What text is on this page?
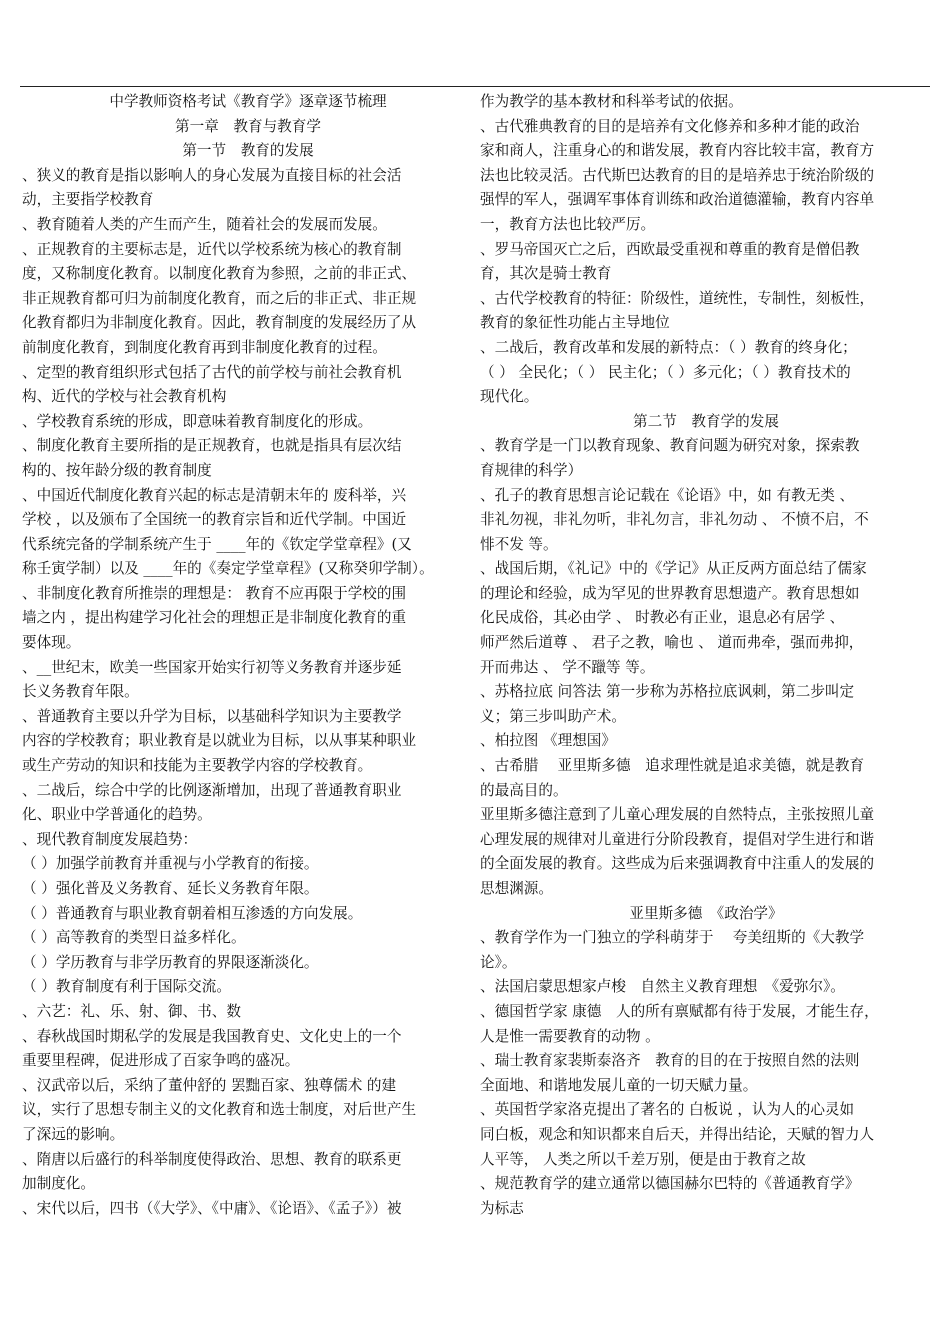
中学教师资格考试《教育学》逐章逐节梳理
第一章　教育与教育学
第一节　教育的发展
、狭义的教育是指以影响人的身心发展为直接目标的社会活
动，主要指学校教育
、教育随着人类的产生而产生，随着社会的发展而发展。
、正规教育的主要标志是，近代以学校系统为核心的教育制
度，又称制度化教育。以制度化教育为参照，之前的非正式、
非正规教育都可归为前制度化教育，而之后的非正式、非正规
化教育都归为非制度化教育。因此，教育制度的发展经历了从
前制度化教育，到制度化教育再到非制度化教育的过程。
、定型的教育组织形式包括了古代的前学校与前社会教育机
构、近代的学校与社会教育机构
、学校教育系统的形成，即意味着教育制度化的形成。
、制度化教育主要所指的是正规教育，也就是指具有层次结
构的、按年龄分级的教育制度
、中国近代制度化教育兴起的标志是清朝末年的 废科举，兴
学校 ，以及颁布了全国统一的教育宗旨和近代学制。中国近
代系统完备的学制系统产生于 ____年的《钦定学堂章程》(又
称壬寅学制）以及 ____年的《奏定学堂章程》(又称癸卯学制）。
、非制度化教育所推崇的理想是： 教育不应再限于学校的围
墙之内 ，提出构建学习化社会的理想正是非制度化教育的重
要体现。
、__世纪末，欧美一些国家开始实行初等义务教育并逐步延
长义务教育年限。
、普通教育主要以升学为目标，以基础科学知识为主要教学
内容的学校教育；职业教育是以就业为目标，以从事某种职业
或生产劳动的知识和技能为主要教学内容的学校教育。
、二战后，综合中学的比例逐渐增加，出现了普通教育职业
化、职业中学普通化的趋势。
、现代教育制度发展趋势：
（ ）加强学前教育并重视与小学教育的衔接。
（ ）强化普及义务教育、延长义务教育年限。
（ ）普通教育与职业教育朝着相互渗透的方向发展。
（ ）高等教育的类型日益多样化。
（ ）学历教育与非学历教育的界限逐渐淡化。
（ ）教育制度有利于国际交流。
、六艺：礼、乐、射、御、书、数
、春秋战国时期私学的发展是我国教育史、文化史上的一个
重要里程碑，促进形成了百家争鸣的盛况。
、汉武帝以后，采纳了董仲舒的 罢黜百家、独尊儒术 的建
议，实行了思想专制主义的文化教育和选士制度，对后世产生
了深远的影响。
、隋唐以后盛行的科举制度使得政治、思想、教育的联系更
加制度化。
、宋代以后，四书（《大学》、《中庸》、《论语》、《孟子》）被
作为教学的基本教材和科举考试的依据。
、古代雅典教育的目的是培养有文化修养和多种才能的政治
家和商人，注重身心的和谐发展，教育内容比较丰富，教育方
法也比较灵活。古代斯巴达教育的目的是培养忠于统治阶级的
强悍的军人，强调军事体育训练和政治道德灌输，教育内容单
一，教育方法也比较严厉。
、罗马帝国灭亡之后，西欧最受重视和尊重的教育是僧侣教
育，其次是骑士教育
、古代学校教育的特征：阶级性，道统性，专制性，刻板性，
教育的象征性功能占主导地位
、二战后，教育改革和发展的新特点：（ ）教育的终身化；
（ ） 全民化；（ ） 民主化；（ ）多元化；（ ）教育技术的
现代化。
第二节　教育学的发展
、教育学是一门以教育现象、教育问题为研究对象，探索教
育规律的科学）
、孔子的教育思想言论记载在《论语》中，如 有教无类 、
非礼勿视，非礼勿听，非礼勿言，非礼勿动 、 不愤不启，不
悱不发 等。
、战国后期，《礼记》中的《学记》从正反两方面总结了儒家
的理论和经验，成为罕见的世界教育思想遗产。教育思想如
化民成俗，其必由学 、 时教必有正业，退息必有居学 、
师严然后道尊 、 君子之教，喻也 、 道而弗牵，强而弗抑，
开而弗达 、 学不躐等 等。
、苏格拉底 问答法 第一步称为苏格拉底讽刺，第二步叫定
义；第三步叫助产术。
、柏拉图 《理想国》
、古希腊　 亚里斯多德　追求理性就是追求美德，就是教育
的最高目的。
亚里斯多德注意到了儿童心理发展的自然特点，主张按照儿童
心理发展的规律对儿童进行分阶段教育，提倡对学生进行和谐
的全面发展的教育。这些成为后来强调教育中注重人的发展的
思想渊源。
亚里斯多德　《政治学》
、教育学作为一门独立的学科萌芽于　 夸美纽斯的《大教学
论》。
、法国启蒙思想家卢梭　自然主义教育理想　《爱弥尔》。
、德国哲学家 康德　人的所有禀赋都有待于发展，才能生存，
人是惟一需要教育的动物 。
、瑞士教育家裴斯泰洛齐　教育的目的在于按照自然的法则
全面地、和谐地发展儿童的一切天赋力量。
、英国哲学家洛克提出了著名的 白板说 ，认为人的心灵如
同白板，观念和知识都来自后天，并得出结论，天赋的智力人
人平等， 人类之所以千差万别，便是由于教育之故
、规范教育学的建立通常以德国赫尔巴特的《普通教育学》
为标志
